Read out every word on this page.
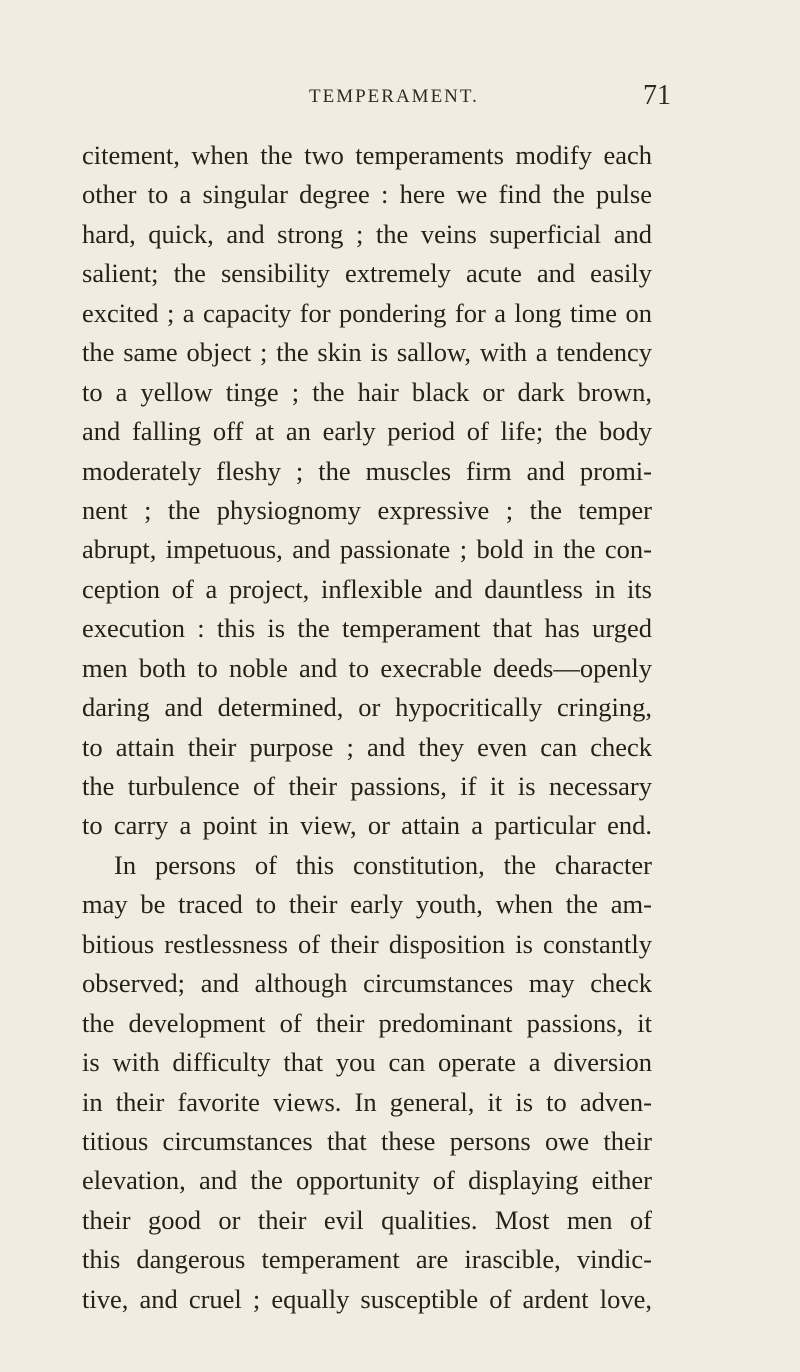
TEMPERAMENT.	71
citement, when the two temperaments modify each
other to a singular degree : here we find the pulse
hard, quick, and strong ; the veins superficial and
salient; the sensibility extremely acute and easily
excited ; a capacity for pondering for a long time on
the same object ; the skin is sallow, with a tendency
to a yellow tinge ; the hair black or dark brown,
and falling off at an early period of life; the body
moderately fleshy ; the muscles firm and promi-
nent ; the physiognomy expressive ; the temper
abrupt, impetuous, and passionate ; bold in the con-
ception of a project, inflexible and dauntless in its
execution : this is the temperament that has urged
men both to noble and to execrable deeds—openly
daring and determined, or hypocritically cringing,
to attain their purpose ; and they even can check
the turbulence of their passions, if it is necessary
to carry a point in view, or attain a particular end.
In persons of this constitution, the character
may be traced to their early youth, when the am-
bitious restlessness of their disposition is constantly
observed; and although circumstances may check
the development of their predominant passions, it
is with difficulty that you can operate a diversion
in their favorite views. In general, it is to adven-
titious circumstances that these persons owe their
elevation, and the opportunity of displaying either
their good or their evil qualities. Most men of
this dangerous temperament are irascible, vindic-
tive, and cruel ; equally susceptible of ardent love,
